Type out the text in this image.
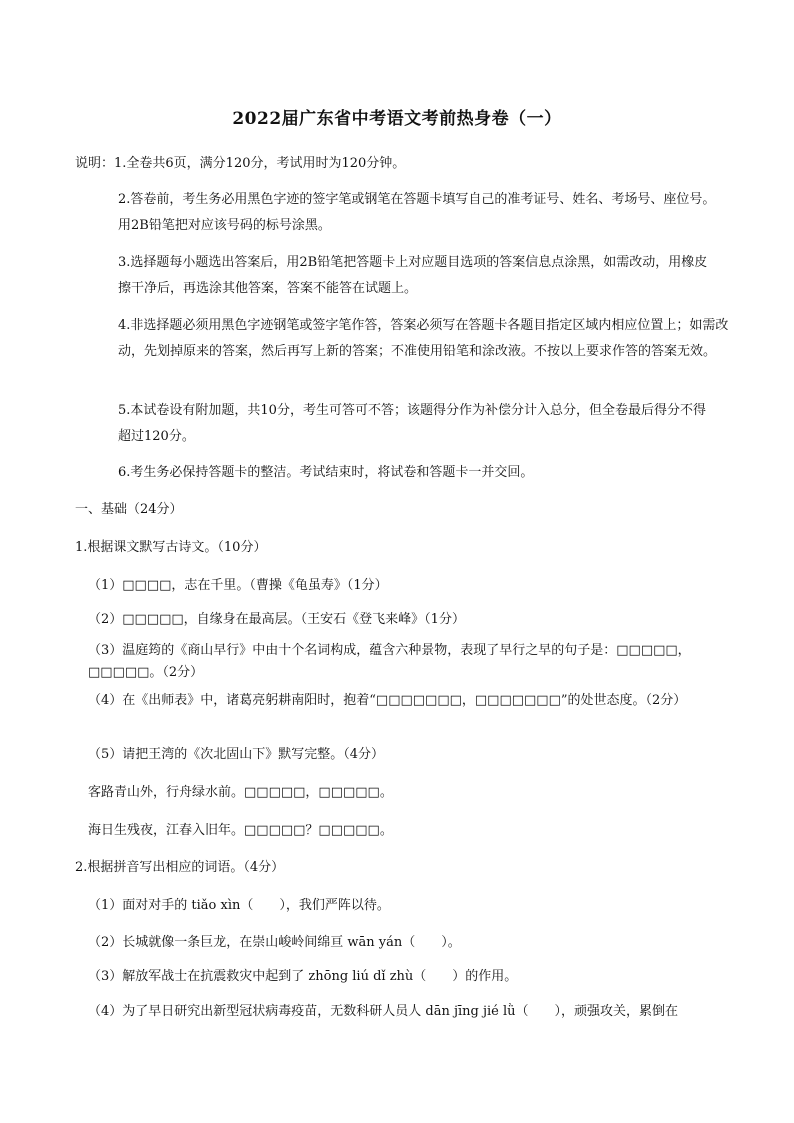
2022届广东省中考语文考前热身卷（一）
说明：1.全卷共6页，满分120分，考试用时为120分钟。
2.答卷前，考生务必用黑色字迹的签字笔或钢笔在答题卡填写自己的准考证号、姓名、考场号、座位号。用2B铅笔把对应该号码的标号涂黑。
3.选择题每小题选出答案后，用2B铅笔把答题卡上对应题目选项的答案信息点涂黑，如需改动，用橡皮擦干净后，再选涂其他答案，答案不能答在试题上。
4.非选择题必须用黑色字迹钢笔或签字笔作答，答案必须写在答题卡各题目指定区域内相应位置上；如需改动，先划掉原来的答案，然后再写上新的答案；不准使用铅笔和涂改液。不按以上要求作答的答案无效。
5.本试卷设有附加题，共10分，考生可答可不答；该题得分作为补偿分计入总分，但全卷最后得分不得超过120分。
6.考生务必保持答题卡的整洁。考试结束时，将试卷和答题卡一并交回。
一、基础（24分）
1.根据课文默写古诗文。（10分）
（1）□□□□，志在千里。（曹操《龟虽寿》（1分）
（2）□□□□□，自缘身在最高层。（王安石《登飞来峰》（1分）
（3）温庭筠的《商山早行》中由十个名词构成，蕴含六种景物，表现了早行之早的句子是：□□□□□，□□□□□。（2分）
（4）在《出师表》中，诸葛亮躬耕南阳时，抱着“□□□□□□□，□□□□□□□”的处世态度。（2分）
（5）请把王湾的《次北固山下》默写完整。（4分）
客路青山外，行舟绿水前。□□□□□，□□□□□。
海日生残夜，江春入旧年。□□□□□？□□□□□。
2.根据拼音写出相应的词语。（4分）
（1）面对对手的 tiǎo xìn（　　），我们严阵以待。
（2）长城就像一条巨龙，在崇山峻岭间绵亘 wān yán（　　）。
（3）解放军战士在抗震救灾中起到了 zhōng liú dǐ zhù（　　）的作用。
（4）为了早日研究出新型冠状病毒疫苗，无数科研人员人 dān jīng jié lǜ（　　），顽强攻关，累倒在
